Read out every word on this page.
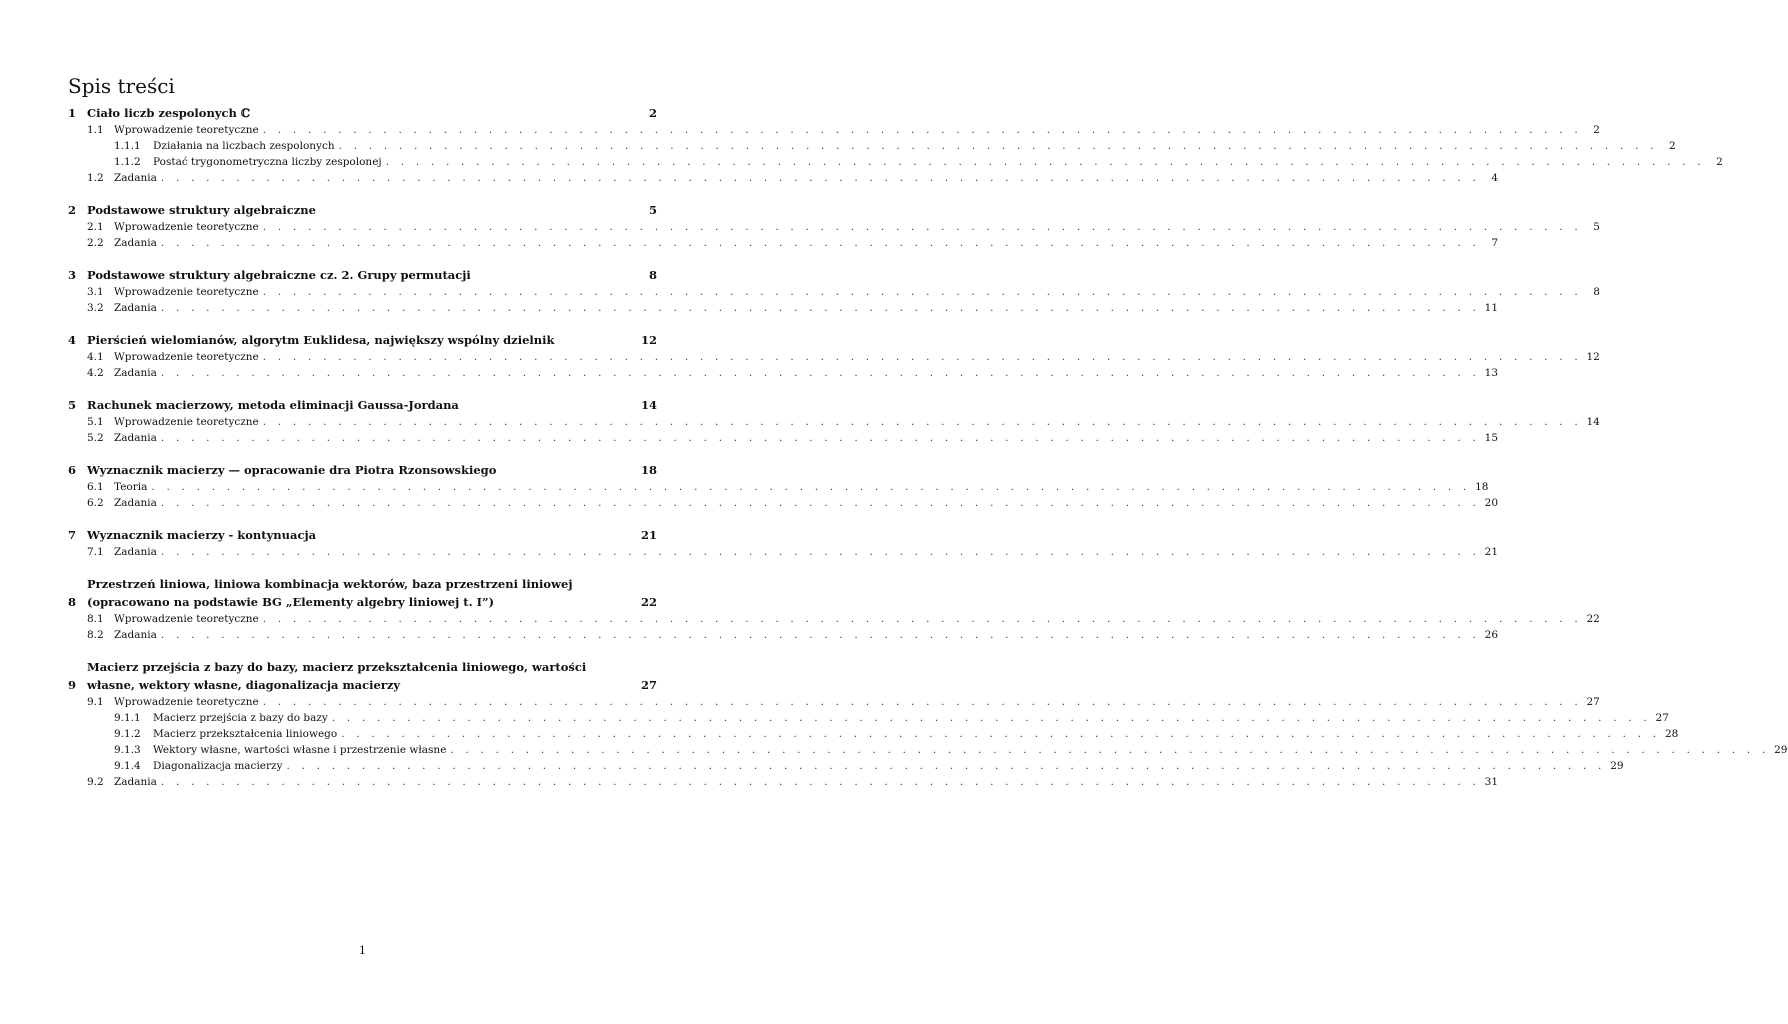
Spis treści
1 Ciało liczb zespolonych ℂ	2
1.1 Wprowadzenie teoretyczne . . . . . . . . . . . . . . . . . . . . . . . . . . . . . . . . . . . . . . . . . . . . . . . . . . . . . . . . . . . . . . . . . . . . . . . . . . . . . . . . . . . . . . . .	2
1.1.1	Działania na liczbach zespolonych . . . . . . . . . . . . . . . . . . . . . . . . . . . . . . . . . . . . . . . . . . . . . . . . . . . . . . . . . . . . . . . . . . . . . . . . . . . . . . . . . . . . . . . .	2
1.1.2	Postać trygonometryczna liczby zespolonej . . . . . . . . . . . . . . . . . . . . . . . . . . . . . . . . . . . . . . . . . . . . . . . . . . . . . . . . . . . . . . . . . . . . . . . . . . . . . . . . . . . . . . . .	2
1.2 Zadania . . . . . . . . . . . . . . . . . . . . . . . . . . . . . . . . . . . . . . . . . . . . . . . . . . . . . . . . . . . . . . . . . . . . . . . . . . . . . . . . . . . . . . . .	4
2 Podstawowe struktury algebraiczne	5
2.1 Wprowadzenie teoretyczne . . . . . . . . . . . . . . . . . . . . . . . . . . . . . . . . . . . . . . . . . . . . . . . . . . . . . . . . . . . . . . . . . . . . . . . . . . . . . . . . . . . . . . . .	5
2.2 Zadania . . . . . . . . . . . . . . . . . . . . . . . . . . . . . . . . . . . . . . . . . . . . . . . . . . . . . . . . . . . . . . . . . . . . . . . . . . . . . . . . . . . . . . . .	7
3 Podstawowe struktury algebraiczne cz. 2. Grupy permutacji	8
3.1 Wprowadzenie teoretyczne . . . . . . . . . . . . . . . . . . . . . . . . . . . . . . . . . . . . . . . . . . . . . . . . . . . . . . . . . . . . . . . . . . . . . . . . . . . . . . . . . . . . . . . .	8
3.2 Zadania . . . . . . . . . . . . . . . . . . . . . . . . . . . . . . . . . . . . . . . . . . . . . . . . . . . . . . . . . . . . . . . . . . . . . . . . . . . . . . . . . . . . . . . . 11
4 Pierścień wielomianów, algorytm Euklidesa, największy wspólny dzielnik	12
4.1 Wprowadzenie teoretyczne . . . . . . . . . . . . . . . . . . . . . . . . . . . . . . . . . . . . . . . . . . . . . . . . . . . . . . . . . . . . . . . . . . . . . . . . . . . . . . . . . . . . . . . . 12
4.2 Zadania . . . . . . . . . . . . . . . . . . . . . . . . . . . . . . . . . . . . . . . . . . . . . . . . . . . . . . . . . . . . . . . . . . . . . . . . . . . . . . . . . . . . . . . . 13
5 Rachunek macierzowy, metoda eliminacji Gaussa-Jordana	14
5.1 Wprowadzenie teoretyczne . . . . . . . . . . . . . . . . . . . . . . . . . . . . . . . . . . . . . . . . . . . . . . . . . . . . . . . . . . . . . . . . . . . . . . . . . . . . . . . . . . . . . . . . 14
5.2 Zadania . . . . . . . . . . . . . . . . . . . . . . . . . . . . . . . . . . . . . . . . . . . . . . . . . . . . . . . . . . . . . . . . . . . . . . . . . . . . . . . . . . . . . . . . 15
6 Wyznacznik macierzy — opracowanie dra Piotra Rzonsowskiego	18
6.1 Teoria . . . . . . . . . . . . . . . . . . . . . . . . . . . . . . . . . . . . . . . . . . . . . . . . . . . . . . . . . . . . . . . . . . . . . . . . . . . . . . . . . . . . . . . . 18
6.2 Zadania . . . . . . . . . . . . . . . . . . . . . . . . . . . . . . . . . . . . . . . . . . . . . . . . . . . . . . . . . . . . . . . . . . . . . . . . . . . . . . . . . . . . . . . . 20
7 Wyznacznik macierzy - kontynuacja	21
7.1 Zadania . . . . . . . . . . . . . . . . . . . . . . . . . . . . . . . . . . . . . . . . . . . . . . . . . . . . . . . . . . . . . . . . . . . . . . . . . . . . . . . . . . . . . . . . 21
8
Przestrzeń liniowa, liniowa kombinacja wektorów, baza przestrzeni liniowej (opracowano na podstawie BG „Elementy algebry liniowej t. I”)	22
8.1 Wprowadzenie teoretyczne . . . . . . . . . . . . . . . . . . . . . . . . . . . . . . . . . . . . . . . . . . . . . . . . . . . . . . . . . . . . . . . . . . . . . . . . . . . . . . . . . . . . . . . . 22
8.2 Zadania . . . . . . . . . . . . . . . . . . . . . . . . . . . . . . . . . . . . . . . . . . . . . . . . . . . . . . . . . . . . . . . . . . . . . . . . . . . . . . . . . . . . . . . . 26
9
Macierz przejścia z bazy do bazy, macierz przekształcenia liniowego, wartości własne, wektory własne, diagonalizacja macierzy	27
9.1 Wprowadzenie teoretyczne . . . . . . . . . . . . . . . . . . . . . . . . . . . . . . . . . . . . . . . . . . . . . . . . . . . . . . . . . . . . . . . . . . . . . . . . . . . . . . . . . . . . . . . . 27
9.1.1	Macierz przejścia z bazy do bazy . . . . . . . . . . . . . . . . . . . . . . . . . . . . . . . . . . . . . . . . . . . . . . . . . . . . . . . . . . . . . . . . . . . . . . . . . . . . . . . . . . . . . . . . 27
9.1.2	Macierz przekształcenia liniowego . . . . . . . . . . . . . . . . . . . . . . . . . . . . . . . . . . . . . . . . . . . . . . . . . . . . . . . . . . . . . . . . . . . . . . . . . . . . . . . . . . . . . . . . 28
9.1.3	Wektory własne, wartości własne i przestrzenie własne . . . . . . . . . . . . . . . . . . . . . . . . . . . . . . . . . . . . . . . . . . . . . . . . . . . . . . . . . . . . . . . . . . . . . . . . . . . . . . . . . . . . . . . . 29
9.1.4	Diagonalizacja macierzy . . . . . . . . . . . . . . . . . . . . . . . . . . . . . . . . . . . . . . . . . . . . . . . . . . . . . . . . . . . . . . . . . . . . . . . . . . . . . . . . . . . . . . . . 29
9.2 Zadania . . . . . . . . . . . . . . . . . . . . . . . . . . . . . . . . . . . . . . . . . . . . . . . . . . . . . . . . . . . . . . . . . . . . . . . . . . . . . . . . . . . . . . . . 31
1
